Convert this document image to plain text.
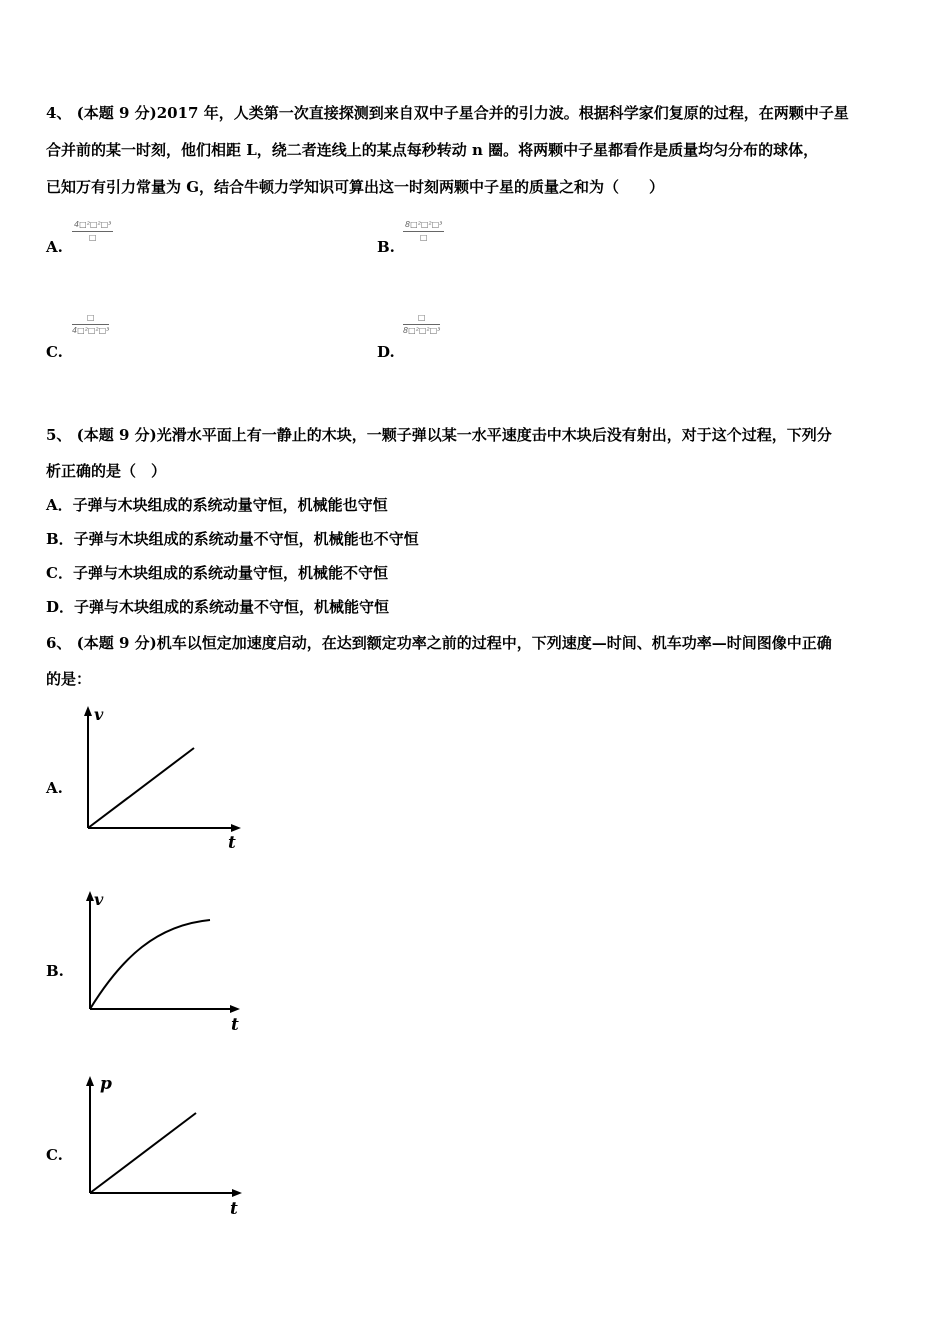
4、 (本题 9 分)2017 年，人类第一次直接探测到来自双中子星合并的引力波。根据科学家们复原的过程，在两颗中子星
合并前的某一时刻，他们相距 L，绕二者连线上的某点每秒转动 n 圈。将两颗中子星都看作是质量均匀分布的球体，
已知万有引力常量为 G，结合牛顿力学知识可算出这一时刻两颗中子星的质量之和为（　　）
A.
4□²□²□³
□
B.
8□²□²□³
□
C.
□
4□²□²□³
D.
□
8□²□²□³
5、 (本题 9 分)光滑水平面上有一静止的木块，一颗子弹以某一水平速度击中木块后没有射出，对于这个过程，下列分
析正确的是（　）
A．子弹与木块组成的系统动量守恒，机械能也守恒
B．子弹与木块组成的系统动量不守恒，机械能也不守恒
C．子弹与木块组成的系统动量守恒，机械能不守恒
D．子弹与木块组成的系统动量不守恒，机械能守恒
6、 (本题 9 分)机车以恒定加速度启动，在达到额定功率之前的过程中，下列速度—时间、机车功率—时间图像中正确
的是：
A.
v
t
B.
v
t
C.
p
t
